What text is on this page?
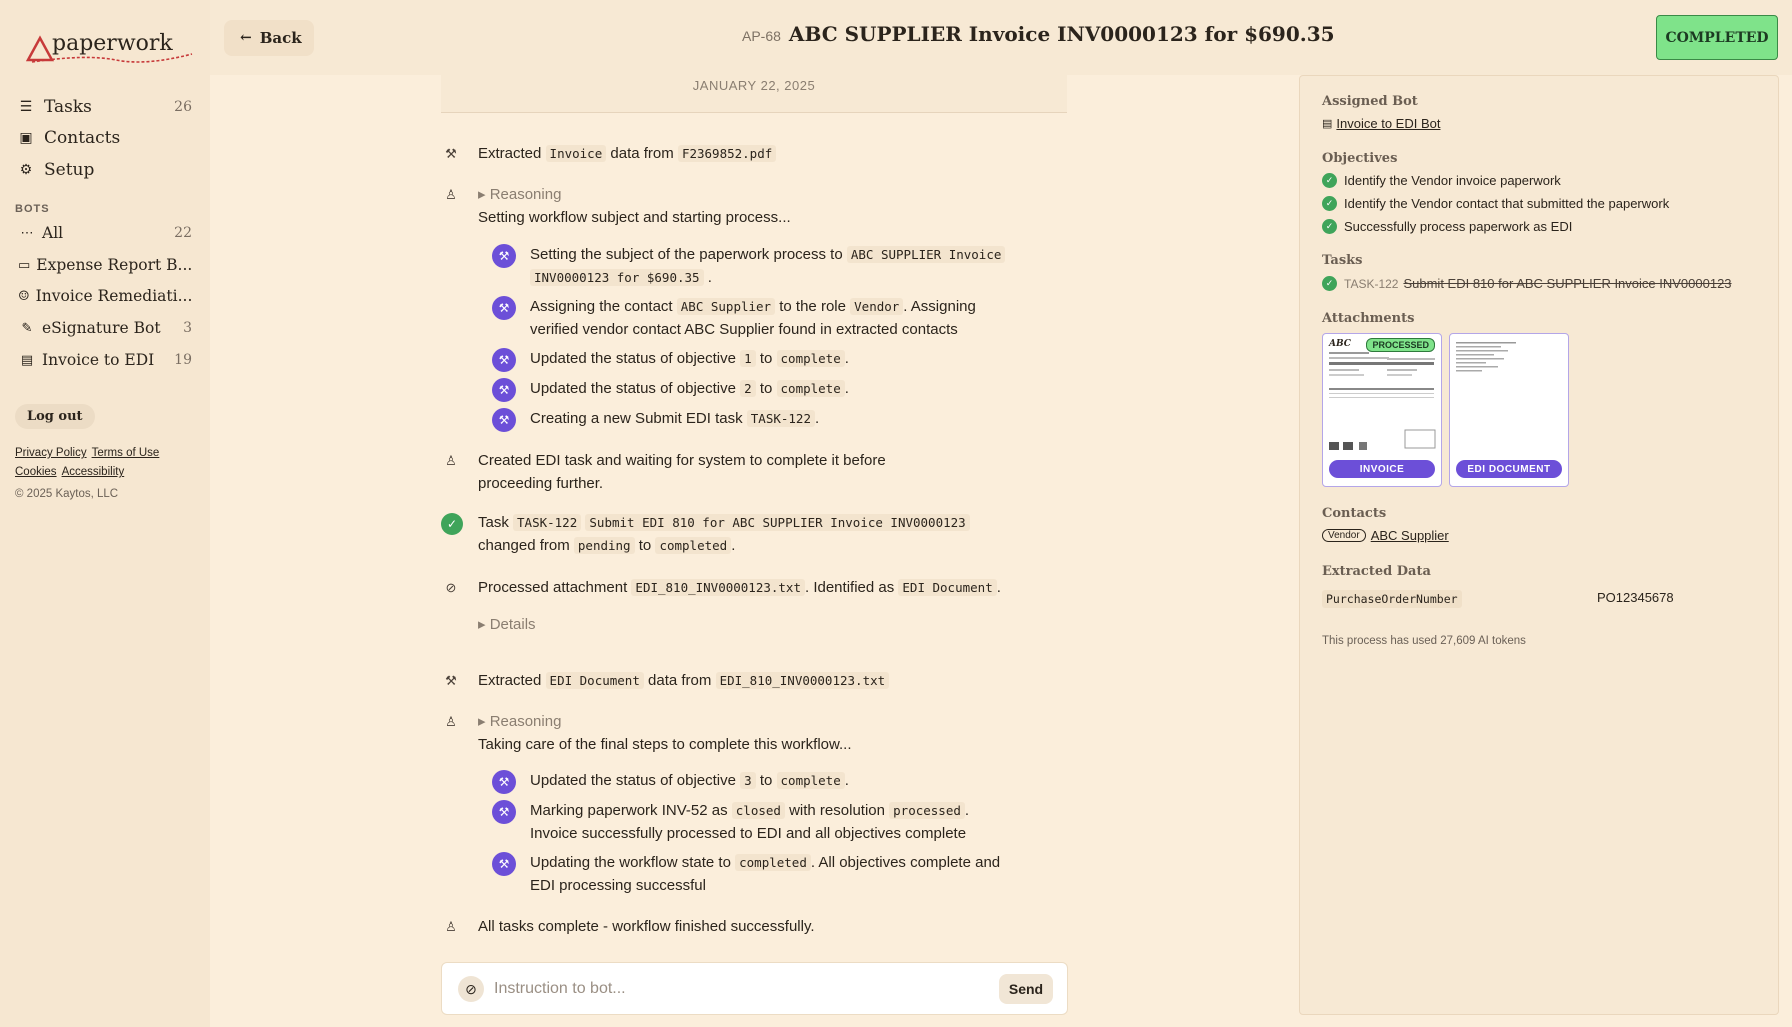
paperwork
☰ Tasks	26
▣ Contacts
⚙ Setup
BOTS
⋯ All	22
▭ Expense Report B...
☺ Invoice Remediati...
✎ eSignature Bot 3
▤ Invoice to EDI 19
Log out
Privacy Policy Terms of Use
Cookies Accessibility
© 2025 Kaytos, LLC
← Back	AP-68 ABC SUPPLIER Invoice INV0000123 for $690.35	COMPLETED
JANUARY 22, 2025
⚒ Extracted Invoice data from F2369852.pdf
♙ ▸ Reasoning
Setting workflow subject and starting process...
⚒	Setting the subject of the paperwork process to ABC SUPPLIER Invoice
INV0000123 for $690.35 .
⚒	Assigning the contact ABC Supplier to the role Vendor . Assigning
verified vendor contact ABC Supplier found in extracted contacts
⚒	Updated the status of objective 1 to complete .
⚒	Updated the status of objective 2 to complete .
⚒	Creating a new Submit EDI task TASK-122 .
♙ Created EDI task and waiting for system to complete it before
proceeding further.
✓	Task TASK-122 Submit EDI 810 for ABC SUPPLIER Invoice INV0000123
changed from pending to completed .
⊘	Processed attachment EDI_810_INV0000123.txt . Identified as EDI Document .
▸ Details
⚒ Extracted EDI Document data from EDI_810_INV0000123.txt
♙ ▸ Reasoning
Taking care of the final steps to complete this workflow...
⚒	Updated the status of objective 3 to complete .
⚒	Marking paperwork INV-52 as closed with resolution processed .
Invoice successfully processed to EDI and all objectives complete
⚒	Updating the workflow state to completed . All objectives complete and
EDI processing successful
♙ All tasks complete - workflow finished successfully.
⊘
Instruction to bot...	Send
Assigned Bot
▤ Invoice to EDI Bot
Objectives
✓ Identify the Vendor invoice paperwork
✓ Identify the Vendor contact that submitted the paperwork
✓ Successfully process paperwork as EDI
Tasks
✓ TASK-122 Submit EDI 810 for ABC SUPPLIER Invoice INV0000123
Attachments
ABC	PROCESSED
INVOICE	EDI DOCUMENT
Contacts
Vendor ABC Supplier
Extracted Data
PurchaseOrderNumber	PO12345678
This process has used 27,609 AI tokens
